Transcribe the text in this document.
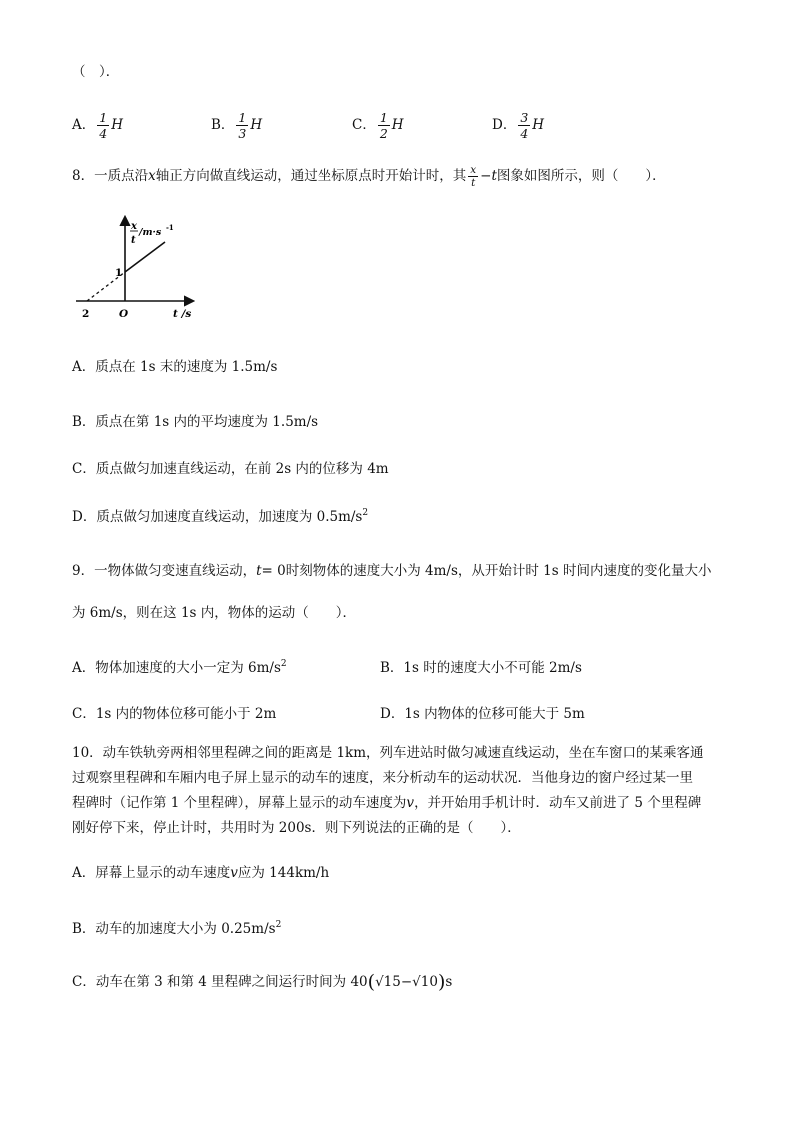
（　）．
A． $\frac{1}{4}$ H	B． $\frac{1}{3}$ H	C． $\frac{1}{2}$ H	D． $\frac{3}{4}$ H
8．一质点沿x轴正方向做直线运动，通过坐标原点时开始计时，其 $\frac{x}{t} -t$图象如图所示，则（　　）．
x
t
/m·s -1
1
2	O	t /s
A．质点在 1s 末的速度为 1.5m/s
B．质点在第 1s 内的平均速度为 1.5m/s
C．质点做匀加速直线运动，在前 2s 内的位移为 4m
D．质点做匀加速度直线运动，加速度为 $0.5m/s^2$
9．一物体做匀变速直线运动，t= 0时刻物体的速度大小为 4m/s，从开始计时 1s 时间内速度的变化量大小
为 6m/s，则在这 1s 内，物体的运动（　　）．
A．物体加速度的大小一定为 $6m/s^2$	B．1s 时的速度大小不可能 2m/s
C．1s 内的物体位移可能小于 2m	D．1s 内物体的位移可能大于 5m
10．动车铁轨旁两相邻里程碑之间的距离是 1km，列车进站时做匀减速直线运动，坐在车窗口的某乘客通
过观察里程碑和车厢内电子屏上显示的动车的速度，来分析动车的运动状况．当他身边的窗户经过某一里
程碑时（记作第 1 个里程碑），屏幕上显示的动车速度为v，并开始用手机计时．动车又前进了 5 个里程碑
刚好停下来，停止计时，共用时为 200s．则下列说法的正确的是（　　）．
A．屏幕上显示的动车速度v应为 144km/h
B．动车的加速度大小为 $0.25m/s^2$
C．动车在第 3 和第 4 里程碑之间运行时间为 40(√15−√10)s
